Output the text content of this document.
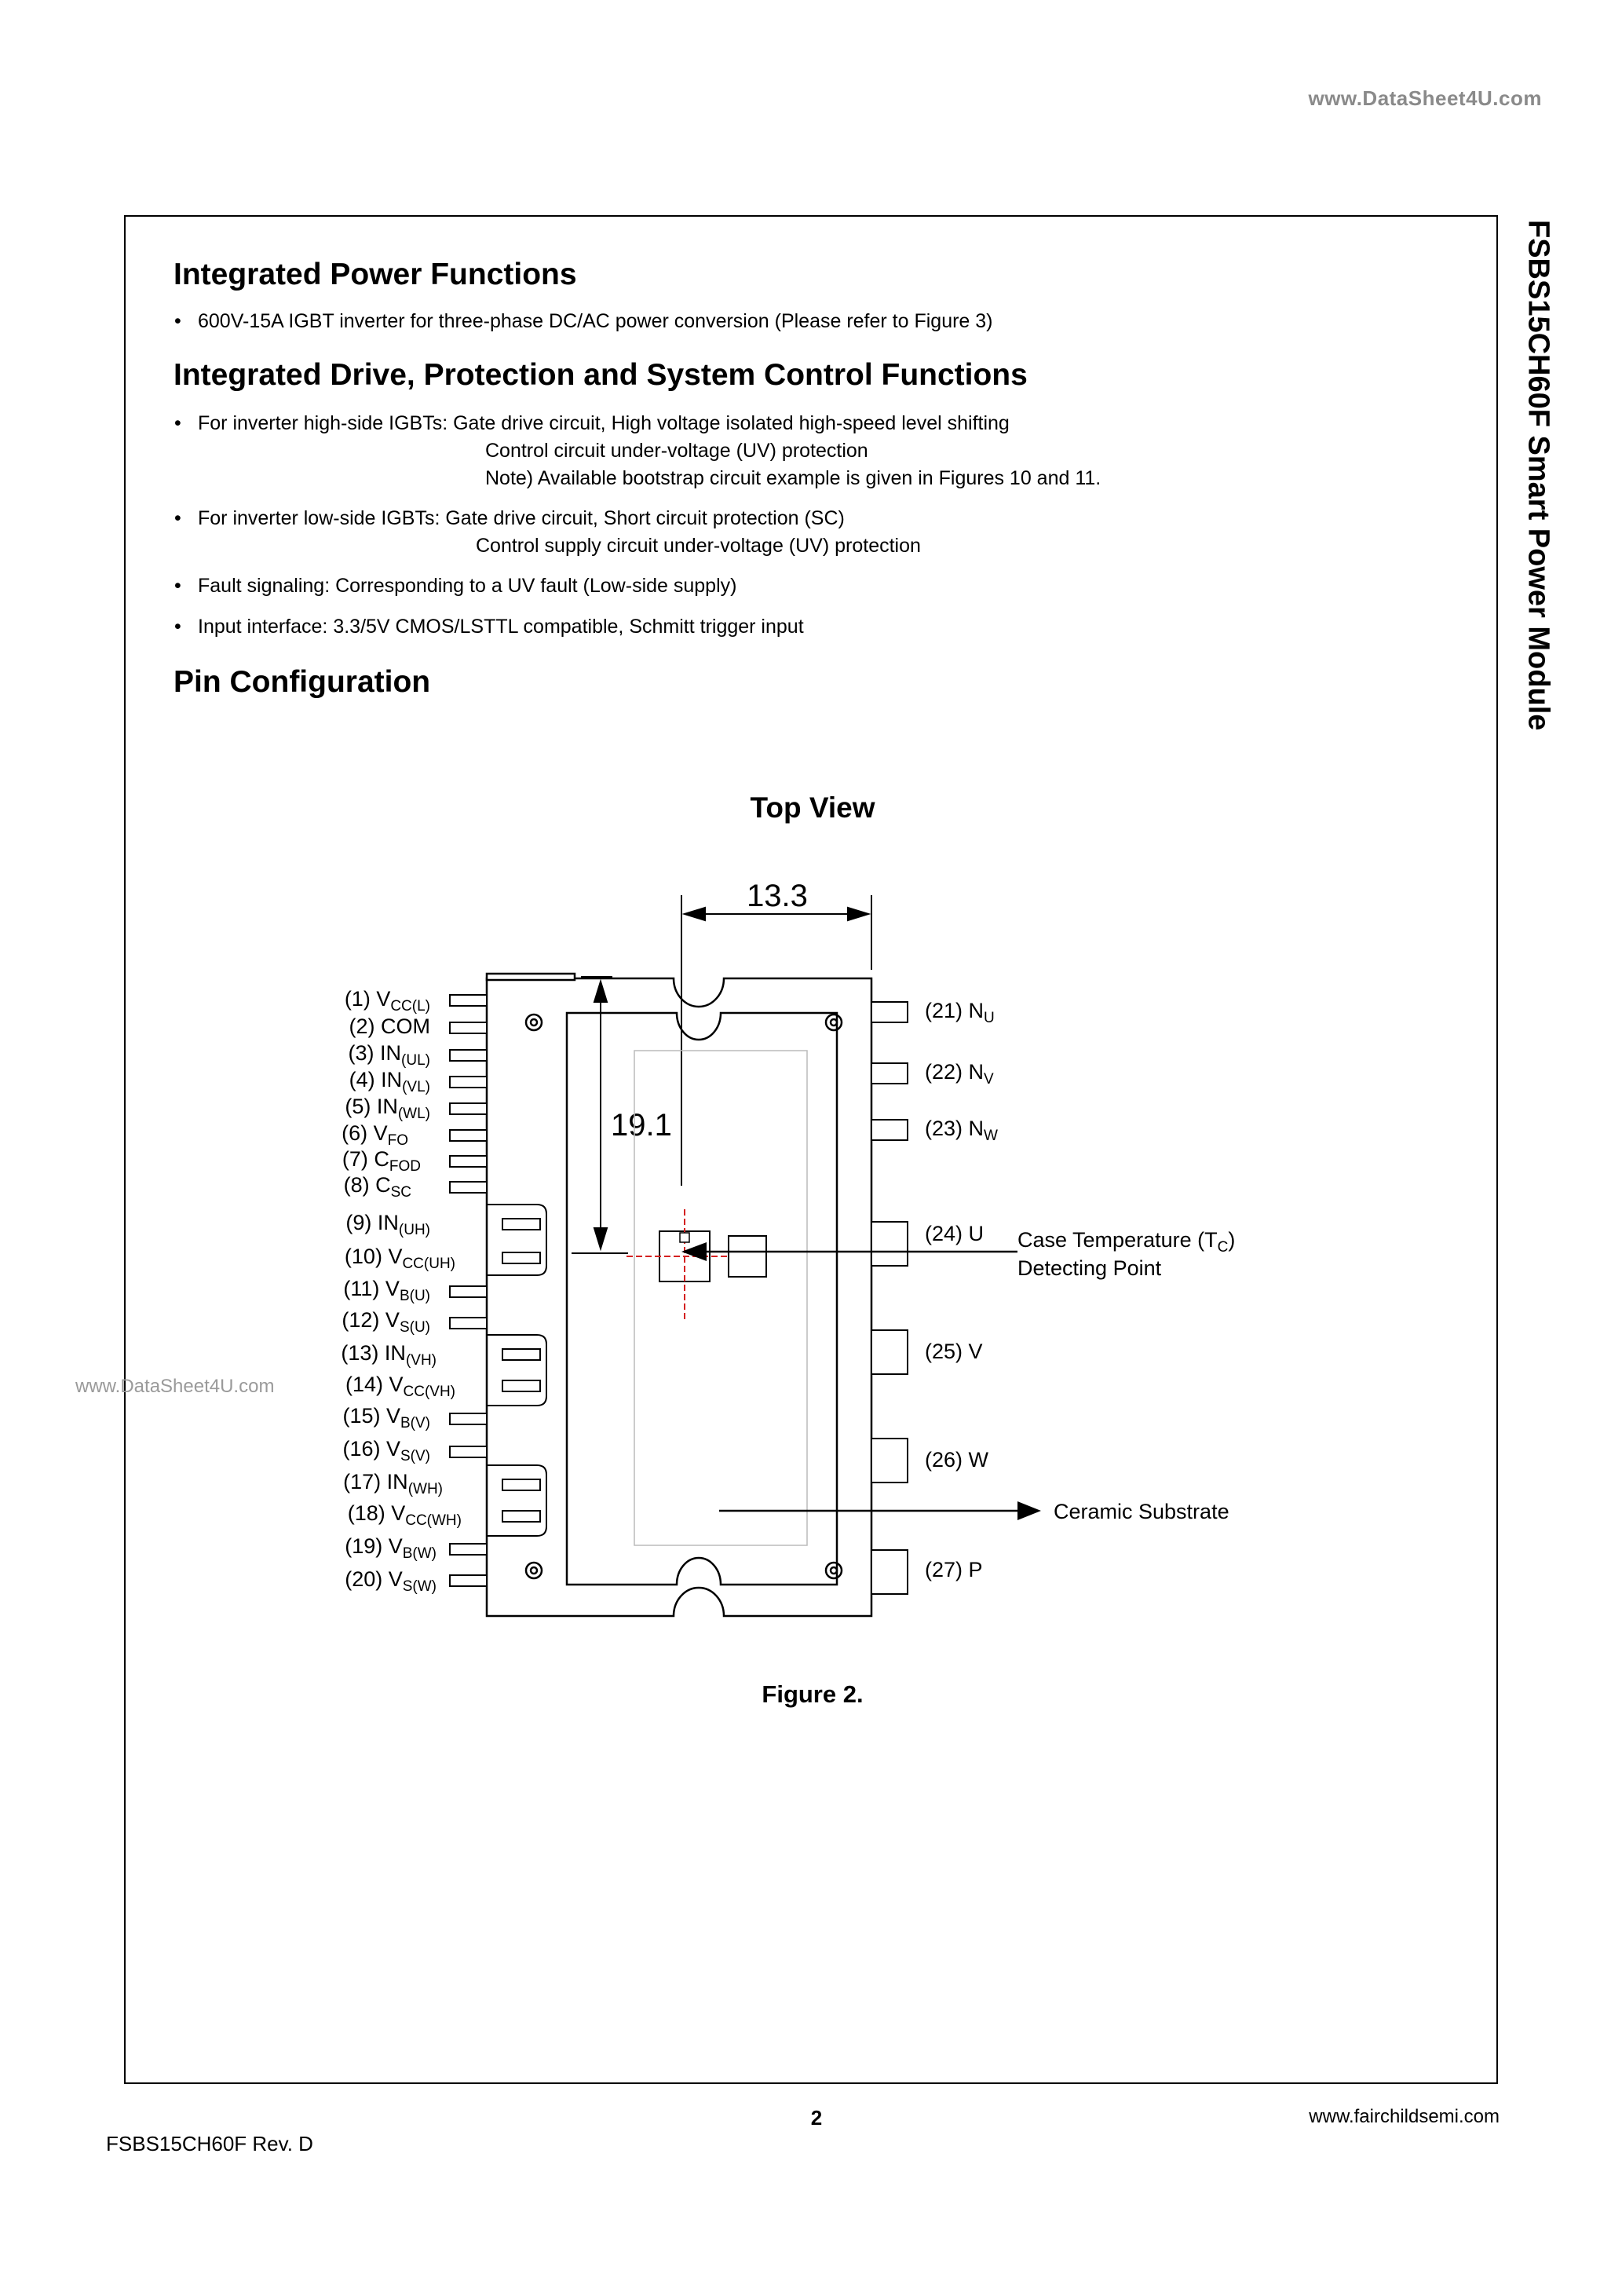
www.DataSheet4U.com
FSBS15CH60F Smart Power Module
Integrated Power Functions
• 600V-15A IGBT inverter for three-phase DC/AC power conversion (Please refer to Figure 3)
Integrated Drive, Protection and System Control Functions
• For inverter high-side IGBTs: Gate drive circuit, High voltage isolated high-speed level shifting
Control circuit under-voltage (UV) protection
Note) Available bootstrap circuit example is given in Figures 10 and 11.
• For inverter low-side IGBTs: Gate drive circuit, Short circuit protection (SC)
Control supply circuit under-voltage (UV) protection
• Fault signaling: Corresponding to a UV fault (Low-side supply)
• Input interface: 3.3/5V CMOS/LSTTL compatible, Schmitt trigger input
Pin Configuration
Top View
13.3
19.1
(1) $V_{CC(L)}$
(2) COM
(3) $IN_{(UL)}$
(4) $IN_{(VL)}$
(5) $IN_{(WL)}$
(6) $V_{FO}$
(7) $C_{FOD}$
(8) $C_{SC}$
(9) $IN_{(UH)}$
(10) $V_{CC(UH)}$
(11) $V_{B(U)}$
(12) $V_{S(U)}$
(13) $IN_{(VH)}$
(14) $V_{CC(VH)}$
(15) $V_{B(V)}$
(16) $V_{S(V)}$
(17) $IN_{(WH)}$
(18) $V_{CC(WH)}$
(19) $V_{B(W)}$
(20) $V_{S(W)}$
(21) $N_U$
(22) $N_V$
(23) $N_W$
(24) U
(25) V
(26) W
(27) P
Case Temperature $(T_C)$
Detecting Point
Ceramic Substrate
www.DataSheet4U.com
Figure 2.
FSBS15CH60F Rev. D
2	www.fairchildsemi.com
